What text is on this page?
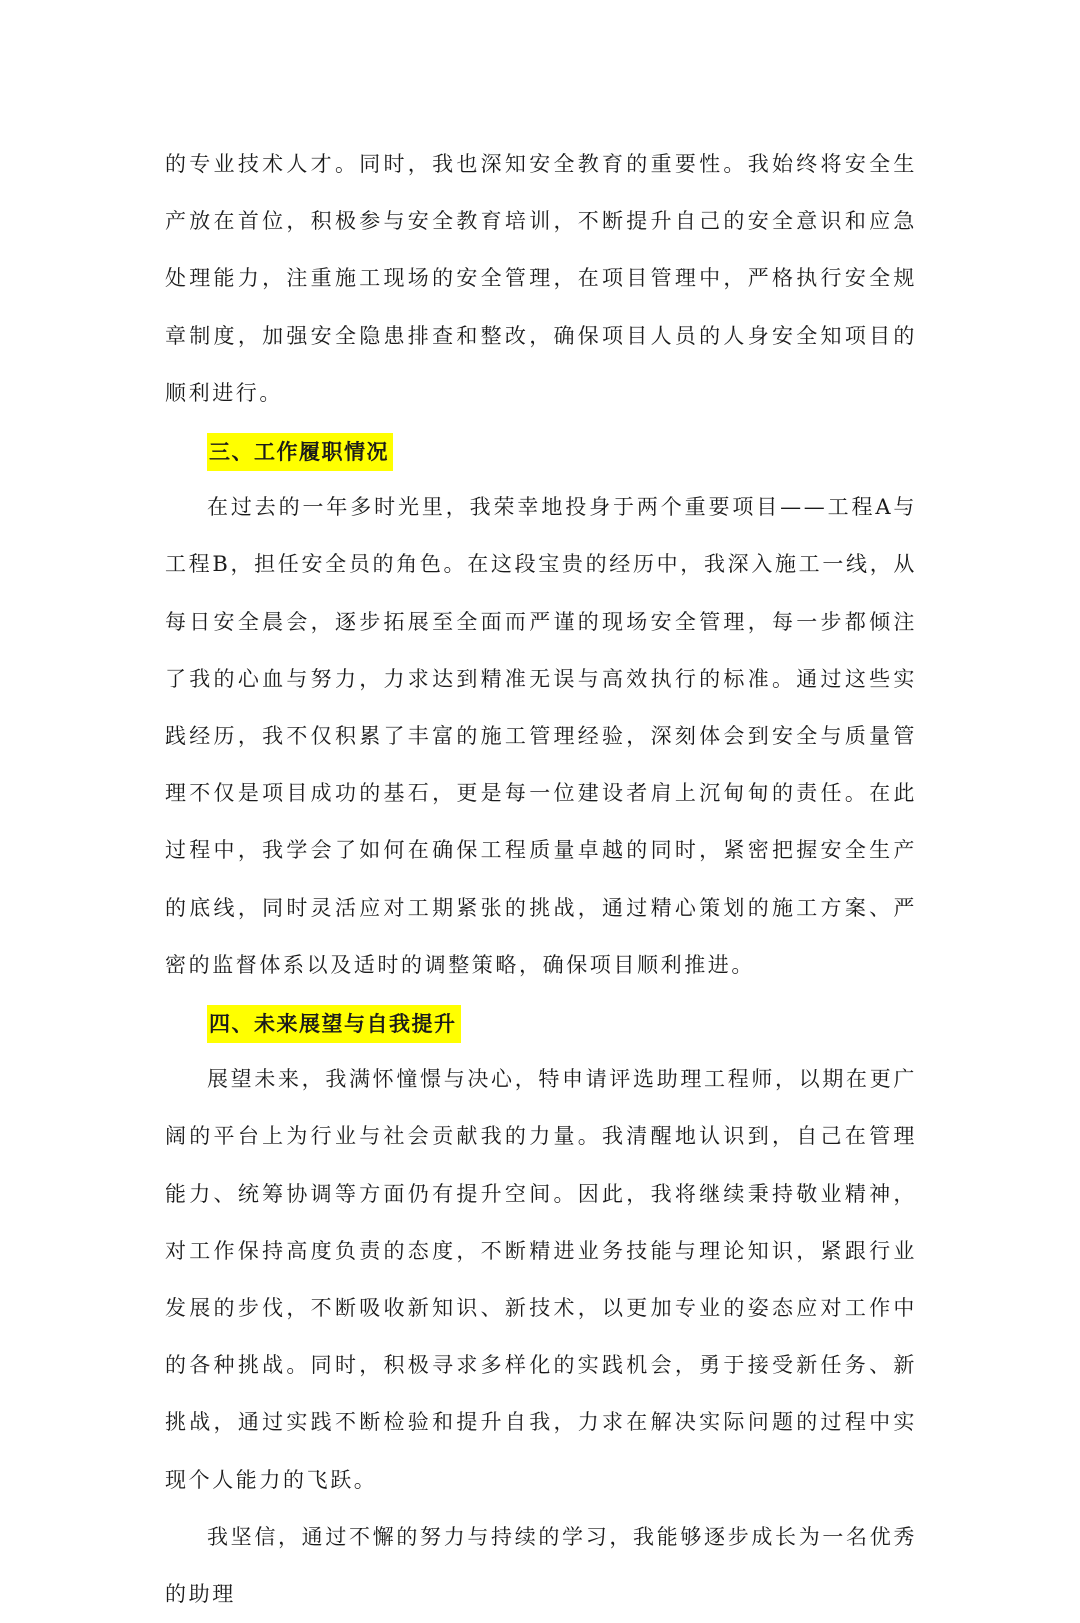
的专业技术人才。同时，我也深知安全教育的重要性。我始终将安全生产放在首位，积极参与安全教育培训，不断提升自己的安全意识和应急处理能力，注重施工现场的安全管理，在项目管理中，严格执行安全规章制度，加强安全隐患排查和整改，确保项目人员的人身安全知项目的顺利进行。

三、工作履职情况

在过去的一年多时光里，我荣幸地投身于两个重要项目——工程A与工程B，担任安全员的角色。在这段宝贵的经历中，我深入施工一线，从每日安全晨会，逐步拓展至全面而严谨的现场安全管理，每一步都倾注了我的心血与努力，力求达到精准无误与高效执行的标准。通过这些实践经历，我不仅积累了丰富的施工管理经验，深刻体会到安全与质量管理不仅是项目成功的基石，更是每一位建设者肩上沉甸甸的责任。在此过程中，我学会了如何在确保工程质量卓越的同时，紧密把握安全生产的底线，同时灵活应对工期紧张的挑战，通过精心策划的施工方案、严密的监督体系以及适时的调整策略，确保项目顺利推进。

四、未来展望与自我提升

展望未来，我满怀憧憬与决心，特申请评选助理工程师，以期在更广阔的平台上为行业与社会贡献我的力量。我清醒地认识到，自己在管理能力、统筹协调等方面仍有提升空间。因此，我将继续秉持敬业精神，对工作保持高度负责的态度，不断精进业务技能与理论知识，紧跟行业发展的步伐，不断吸收新知识、新技术，以更加专业的姿态应对工作中的各种挑战。同时，积极寻求多样化的实践机会，勇于接受新任务、新挑战，通过实践不断检验和提升自我，力求在解决实际问题的过程中实现个人能力的飞跃。

我坚信，通过不懈的努力与持续的学习，我能够逐步成长为一名优秀的助理
